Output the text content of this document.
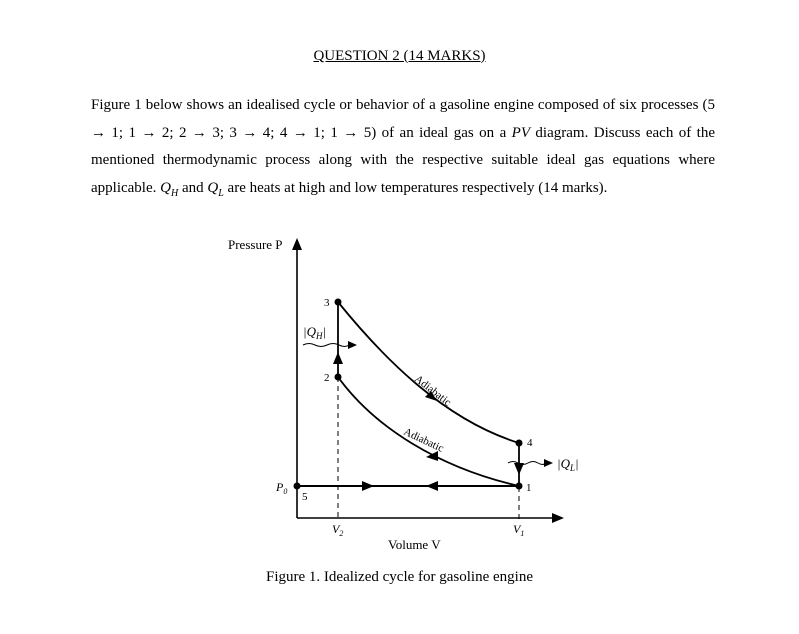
QUESTION 2 (14 MARKS)
Figure 1 below shows an idealised cycle or behavior of a gasoline engine composed of six processes (5 → 1; 1 → 2; 2 → 3; 3 → 4; 4 → 1; 1 → 5) of an ideal gas on a PV diagram. Discuss each of the mentioned thermodynamic process along with the respective suitable ideal gas equations where applicable. $Q_H$ and $Q_L$ are heats at high and low temperatures respectively (14 marks).
Pressure P
Volume V
$|Q_H|$
$|Q_L|$
3
2
4
1
5
$P_0$
$V_2$	$V_1$
Adiabatic
Adiabatic
Figure 1. Idealized cycle for gasoline engine
